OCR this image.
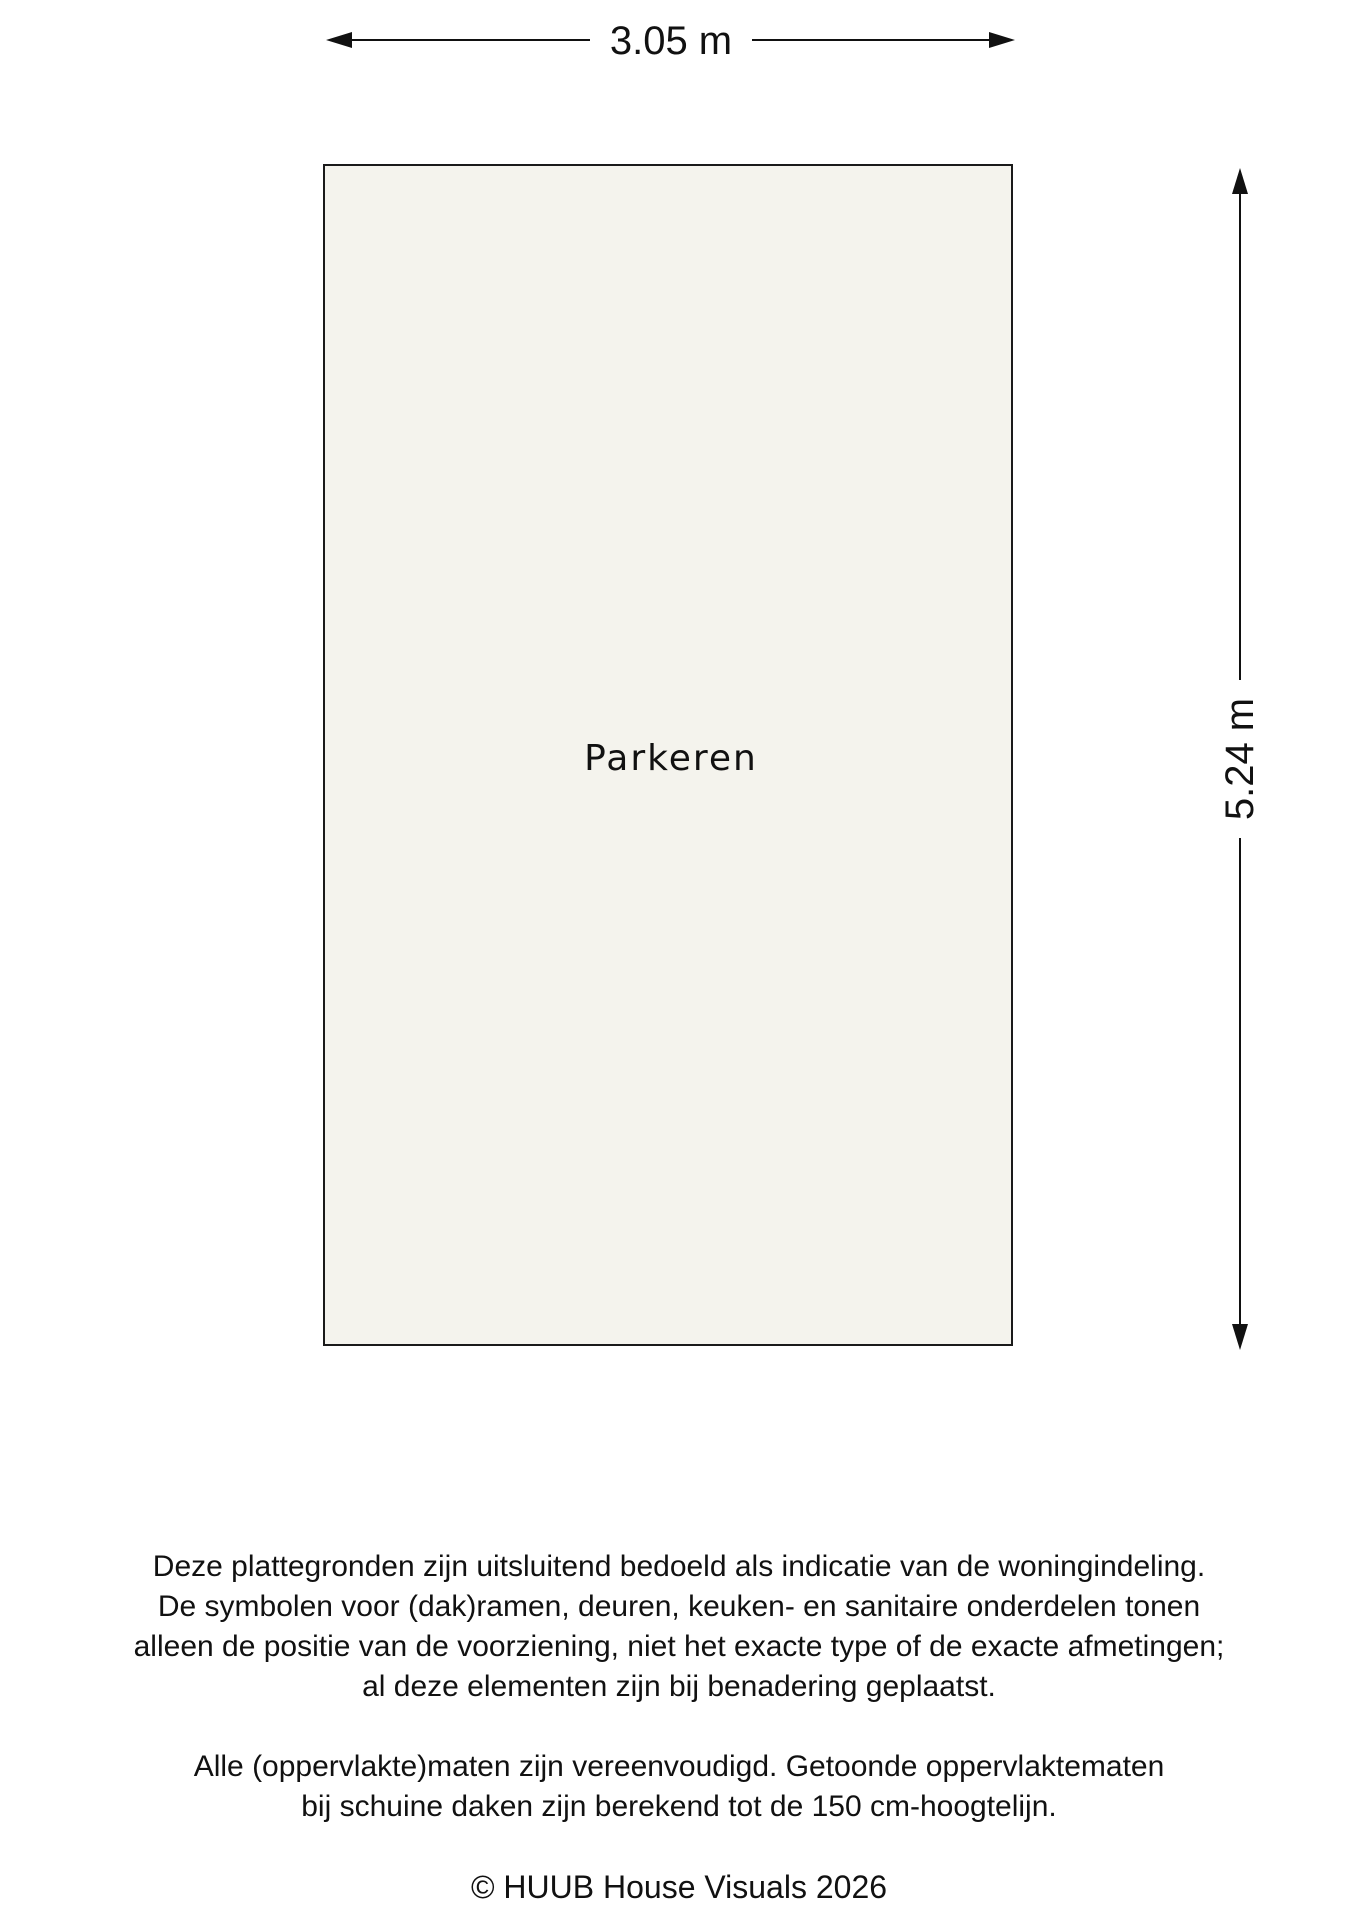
3.05 m
Parkeren	5.24 m

Deze plattegronden zijn uitsluitend bedoeld als indicatie van de woningindeling.

De symbolen voor (dak)ramen, deuren, keuken- en sanitaire onderdelen tonen

alleen de positie van de voorziening, niet het exacte type of de exacte afmetingen;

al deze elementen zijn bij benadering geplaatst.

Alle (oppervlakte)maten zijn vereenvoudigd. Getoonde oppervlaktematen

bij schuine daken zijn berekend tot de 150 cm-hoogtelijn.

© HUUB House Visuals 2026
